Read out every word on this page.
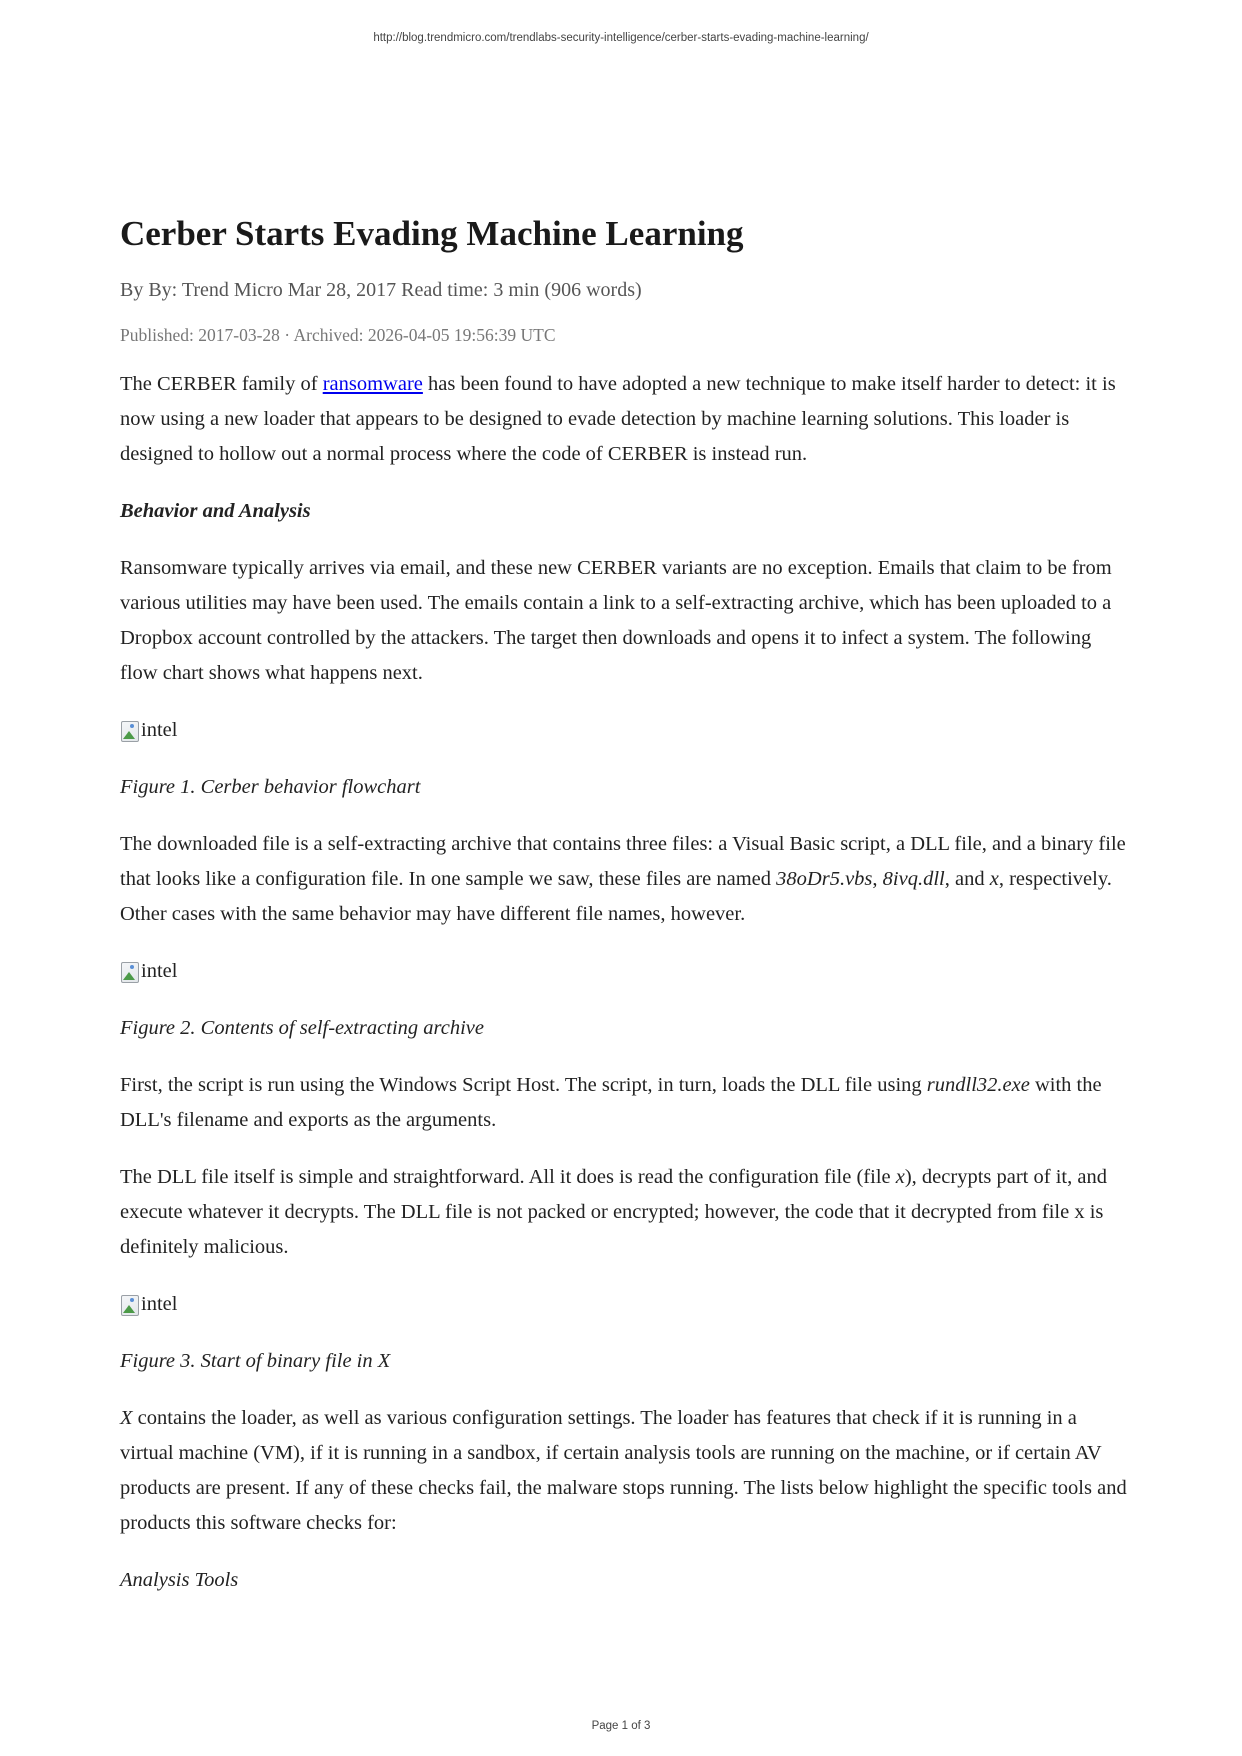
http://blog.trendmicro.com/trendlabs-security-intelligence/cerber-starts-evading-machine-learning/
Cerber Starts Evading Machine Learning
By By: Trend Micro Mar 28, 2017 Read time: 3 min (906 words)
Published: 2017-03-28 · Archived: 2026-04-05 19:56:39 UTC

The CERBER family of ransomware has been found to have adopted a new technique to make itself harder to detect: it is now using a new loader that appears to be designed to evade detection by machine learning solutions. This loader is designed to hollow out a normal process where the code of CERBER is instead run.

Behavior and Analysis

Ransomware typically arrives via email, and these new CERBER variants are no exception. Emails that claim to be from various utilities may have been used. The emails contain a link to a self-extracting archive, which has been uploaded to a Dropbox account controlled by the attackers. The target then downloads and opens it to infect a system. The following flow chart shows what happens next.

intel

Figure 1. Cerber behavior flowchart

The downloaded file is a self-extracting archive that contains three files: a Visual Basic script, a DLL file, and a binary file that looks like a configuration file. In one sample we saw, these files are named 38oDr5.vbs, 8ivq.dll, and x, respectively. Other cases with the same behavior may have different file names, however.

intel

Figure 2. Contents of self-extracting archive

First, the script is run using the Windows Script Host. The script, in turn, loads the DLL file using rundll32.exe with the DLL's filename and exports as the arguments.

The DLL file itself is simple and straightforward. All it does is read the configuration file (file x), decrypts part of it, and execute whatever it decrypts. The DLL file is not packed or encrypted; however, the code that it decrypted from file x is definitely malicious.

intel

Figure 3. Start of binary file in X

X contains the loader, as well as various configuration settings. The loader has features that check if it is running in a virtual machine (VM), if it is running in a sandbox, if certain analysis tools are running on the machine, or if certain AV products are present. If any of these checks fail, the malware stops running. The lists below highlight the specific tools and products this software checks for:

Analysis Tools

Page 1 of 3
